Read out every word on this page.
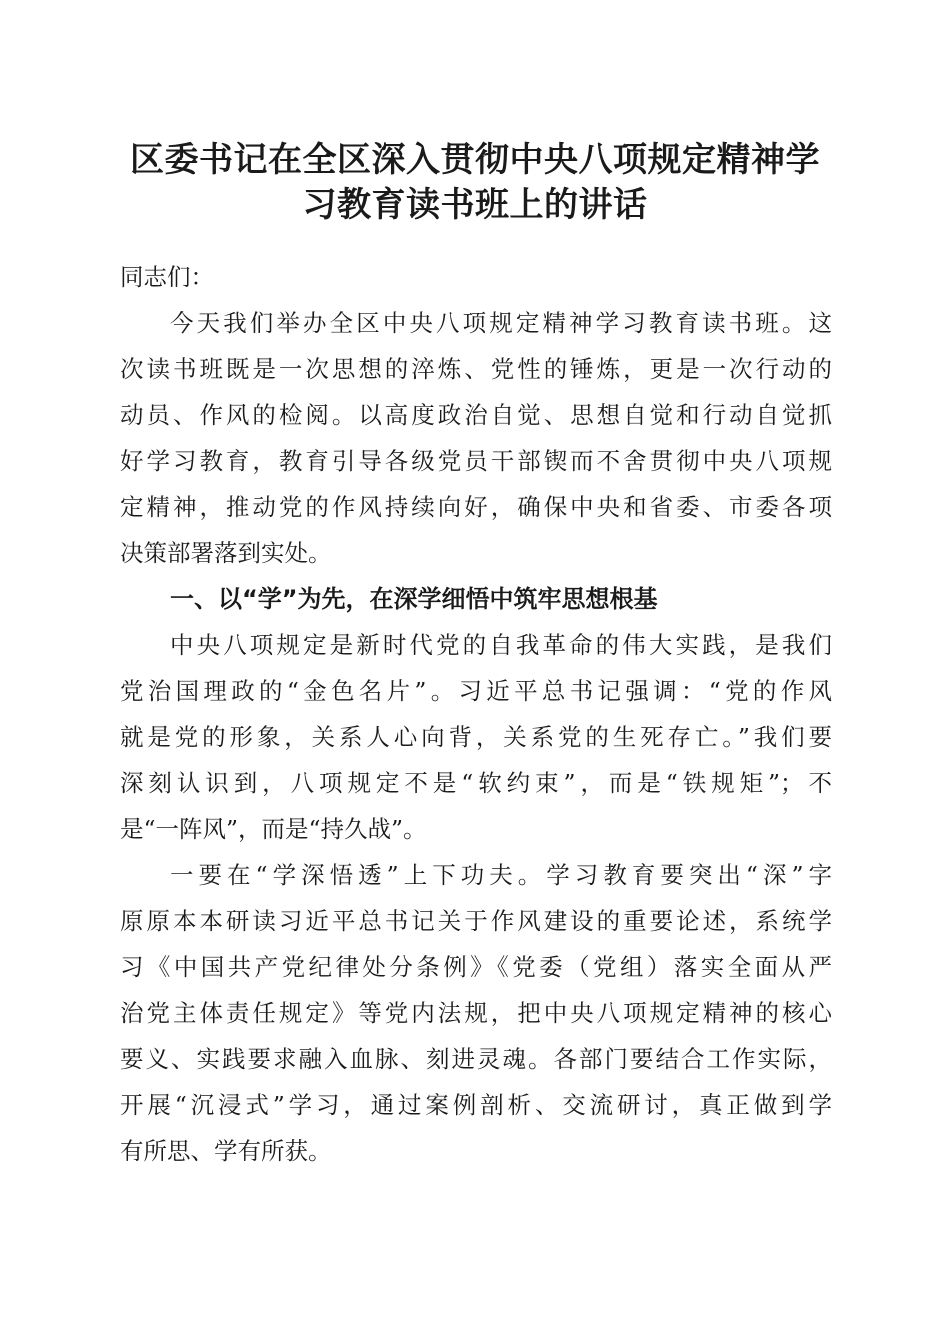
区委书记在全区深入贯彻中央八项规定精神学
习教育读书班上的讲话
同志们：
今天我们举办全区中央八项规定精神学习教育读书班。这
次读书班既是一次思想的淬炼、党性的锤炼，更是一次行动的
动员、作风的检阅。以高度政治自觉、思想自觉和行动自觉抓
好学习教育，教育引导各级党员干部锲而不舍贯彻中央八项规
定精神，推动党的作风持续向好，确保中央和省委、市委各项
决策部署落到实处。
一、以“学”为先，在深学细悟中筑牢思想根基
中央八项规定是新时代党的自我革命的伟大实践，是我们
党治国理政的“金色名片”。习近平总书记强调：“党的作风
就是党的形象，关系人心向背，关系党的生死存亡。”我们要
深刻认识到，八项规定不是“软约束”，而是“铁规矩”；不
是“一阵风”，而是“持久战”。
一要在“学深悟透”上下功夫。学习教育要突出“深”字
原原本本研读习近平总书记关于作风建设的重要论述，系统学
习《中国共产党纪律处分条例》《党委（党组）落实全面从严
治党主体责任规定》等党内法规，把中央八项规定精神的核心
要义、实践要求融入血脉、刻进灵魂。各部门要结合工作实际，
开展“沉浸式”学习，通过案例剖析、交流研讨，真正做到学
有所思、学有所获。
